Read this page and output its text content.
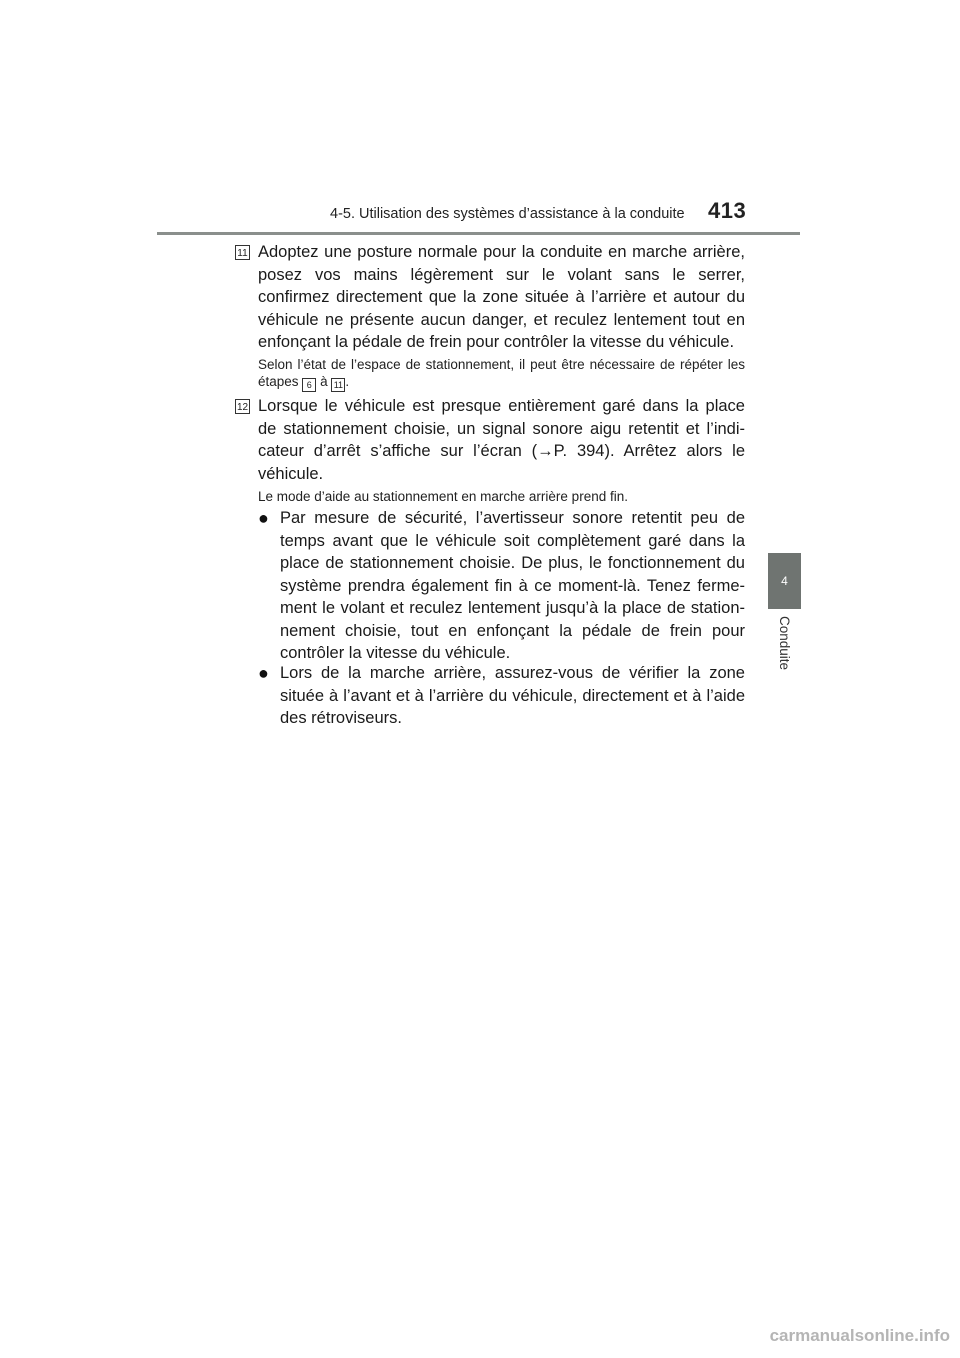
4-5. Utilisation des systèmes d’assistance à la conduite 413
4
Conduite
11 Adoptez une posture normale pour la conduite en marche arrière, posez vos mains légèrement sur le volant sans le serrer, confirmez directement que la zone située à l’arrière et autour du véhicule ne présente aucun danger, et reculez lentement tout en enfonçant la pédale de frein pour contrôler la vitesse du véhicule.
Selon l’état de l’espace de stationnement, il peut être nécessaire de répéter les étapes 6 à 11 .
12 Lorsque le véhicule est presque entièrement garé dans la place de stationnement choisie, un signal sonore aigu retentit et l’indi-cateur d’arrêt s’affiche sur l’écran (→P. 394). Arrêtez alors le véhicule.
Le mode d’aide au stationnement en marche arrière prend fin.
● Par mesure de sécurité, l’avertisseur sonore retentit peu de temps avant que le véhicule soit complètement garé dans la place de stationnement choisie. De plus, le fonctionnement du système prendra également fin à ce moment-là. Tenez ferme-ment le volant et reculez lentement jusqu’à la place de station-nement choisie, tout en enfonçant la pédale de frein pour contrôler la vitesse du véhicule.
● Lors de la marche arrière, assurez-vous de vérifier la zone située à l’avant et à l’arrière du véhicule, directement et à l’aide des rétroviseurs.
carmanualsonline.info
